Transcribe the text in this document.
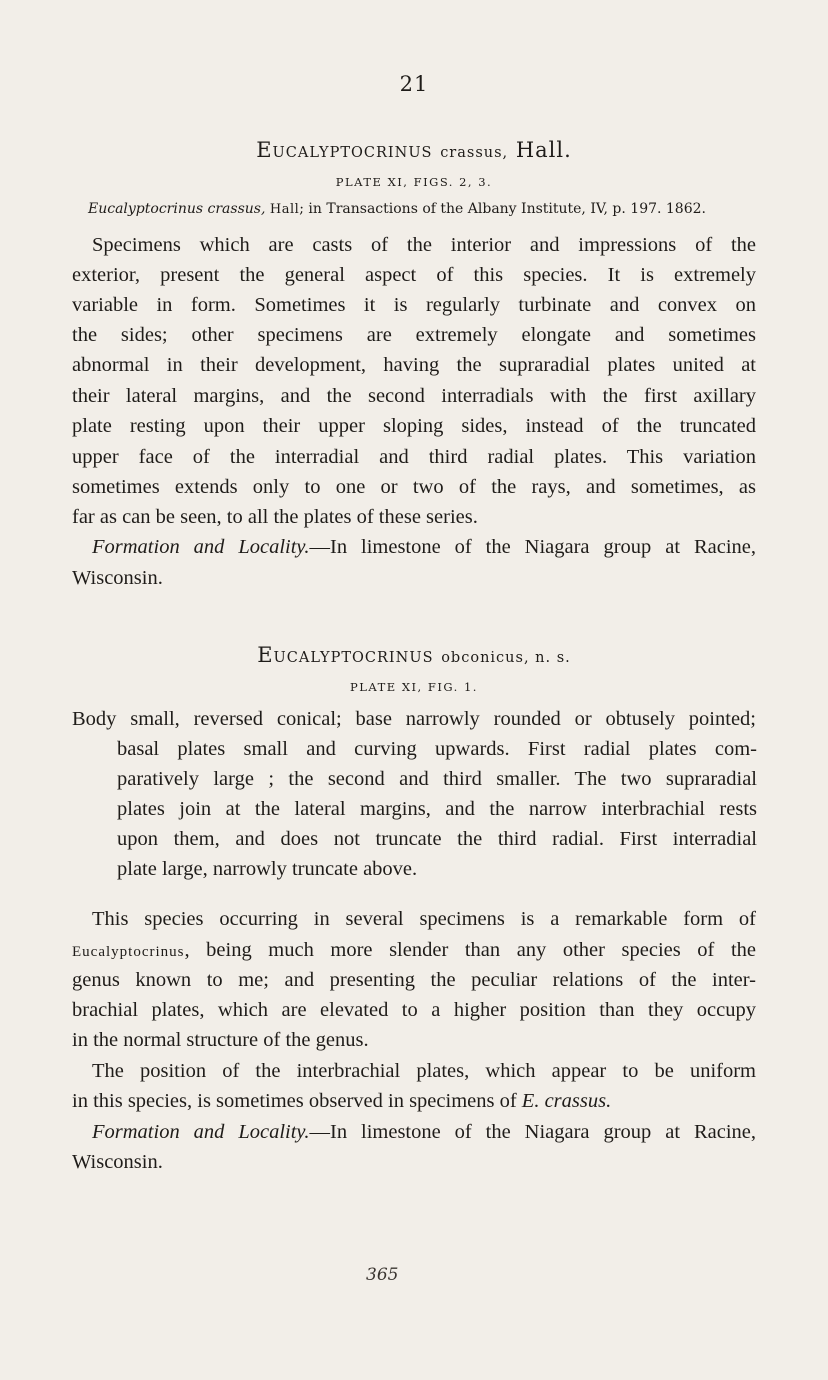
21
EUCALYPTOCRINUS crassus, Hall.
PLATE XI, FIGS. 2, 3.
Eucalyptocrinus crassus, Hall; in Transactions of the Albany Institute, IV, p. 197. 1862.
Specimens which are casts of the interior and impressions of the
exterior, present the general aspect of this species. It is extremely
variable in form. Sometimes it is regularly turbinate and convex on
the sides; other specimens are extremely elongate and sometimes
abnormal in their development, having the supraradial plates united at
their lateral margins, and the second interradials with the first axillary
plate resting upon their upper sloping sides, instead of the truncated
upper face of the interradial and third radial plates. This variation
sometimes extends only to one or two of the rays, and sometimes, as
far as can be seen, to all the plates of these series.
Formation and Locality.—In limestone of the Niagara group at Racine,
Wisconsin.
EUCALYPTOCRINUS obconicus, n. s.
PLATE XI, FIG. 1.
Body small, reversed conical; base narrowly rounded or obtusely pointed;
basal plates small and curving upwards. First radial plates com-
paratively large ; the second and third smaller. The two supraradial
plates join at the lateral margins, and the narrow interbrachial rests
upon them, and does not truncate the third radial. First interradial
plate large, narrowly truncate above.
This species occurring in several specimens is a remarkable form of
Eucalyptocrinus, being much more slender than any other species of the
genus known to me; and presenting the peculiar relations of the inter-
brachial plates, which are elevated to a higher position than they occupy
in the normal structure of the genus.
The position of the interbrachial plates, which appear to be uniform
in this species, is sometimes observed in specimens of E. crassus.
Formation and Locality.—In limestone of the Niagara group at Racine,
Wisconsin.
365
